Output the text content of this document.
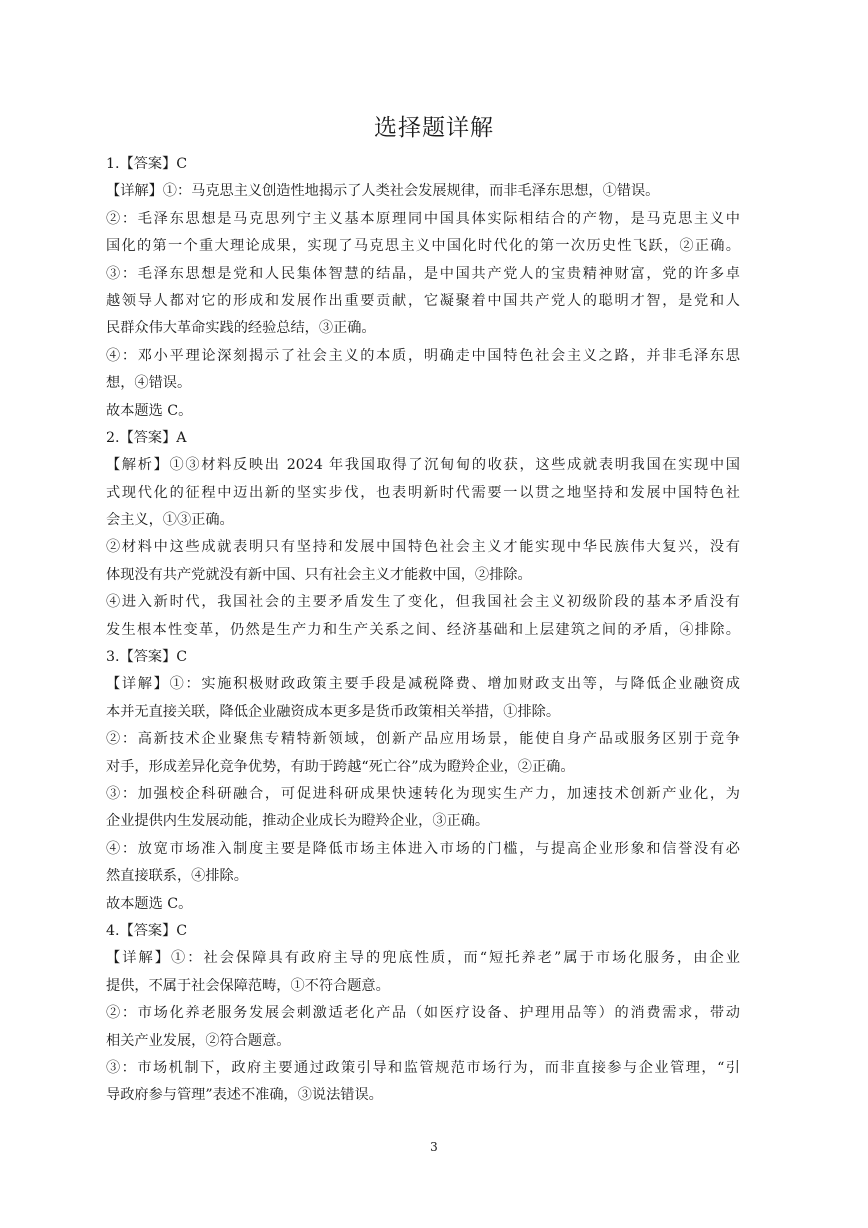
选择题详解
1.【答案】C
【详解】①：马克思主义创造性地揭示了人类社会发展规律，而非毛泽东思想，①错误。
②：毛泽东思想是马克思列宁主义基本原理同中国具体实际相结合的产物，是马克思主义中
国化的第一个重大理论成果，实现了马克思主义中国化时代化的第一次历史性飞跃，②正确。
③：毛泽东思想是党和人民集体智慧的结晶，是中国共产党人的宝贵精神财富，党的许多卓
越领导人都对它的形成和发展作出重要贡献，它凝聚着中国共产党人的聪明才智，是党和人
民群众伟大革命实践的经验总结，③正确。
④：邓小平理论深刻揭示了社会主义的本质，明确走中国特色社会主义之路，并非毛泽东思
想，④错误。
故本题选 C。
2.【答案】A
【解析】①③材料反映出 2024 年我国取得了沉甸甸的收获，这些成就表明我国在实现中国
式现代化的征程中迈出新的坚实步伐，也表明新时代需要一以贯之地坚持和发展中国特色社
会主义，①③正确。
②材料中这些成就表明只有坚持和发展中国特色社会主义才能实现中华民族伟大复兴，没有
体现没有共产党就没有新中国、只有社会主义才能救中国，②排除。
④进入新时代，我国社会的主要矛盾发生了变化，但我国社会主义初级阶段的基本矛盾没有
发生根本性变革，仍然是生产力和生产关系之间、经济基础和上层建筑之间的矛盾，④排除。
3.【答案】C
【详解】①：实施积极财政政策主要手段是减税降费、增加财政支出等，与降低企业融资成
本并无直接关联，降低企业融资成本更多是货币政策相关举措，①排除。
②：高新技术企业聚焦专精特新领域，创新产品应用场景，能使自身产品或服务区别于竞争
对手，形成差异化竞争优势，有助于跨越“死亡谷”成为瞪羚企业，②正确。
③：加强校企科研融合，可促进科研成果快速转化为现实生产力，加速技术创新产业化，为
企业提供内生发展动能，推动企业成长为瞪羚企业，③正确。
④：放宽市场准入制度主要是降低市场主体进入市场的门槛，与提高企业形象和信誉没有必
然直接联系，④排除。
故本题选 C。
4.【答案】C
【详解】①：社会保障具有政府主导的兜底性质，而“短托养老”属于市场化服务，由企业
提供，不属于社会保障范畴，①不符合题意。
②：市场化养老服务发展会刺激适老化产品（如医疗设备、护理用品等）的消费需求，带动
相关产业发展，②符合题意。
③：市场机制下，政府主要通过政策引导和监管规范市场行为，而非直接参与企业管理，“引
导政府参与管理”表述不准确，③说法错误。
3
